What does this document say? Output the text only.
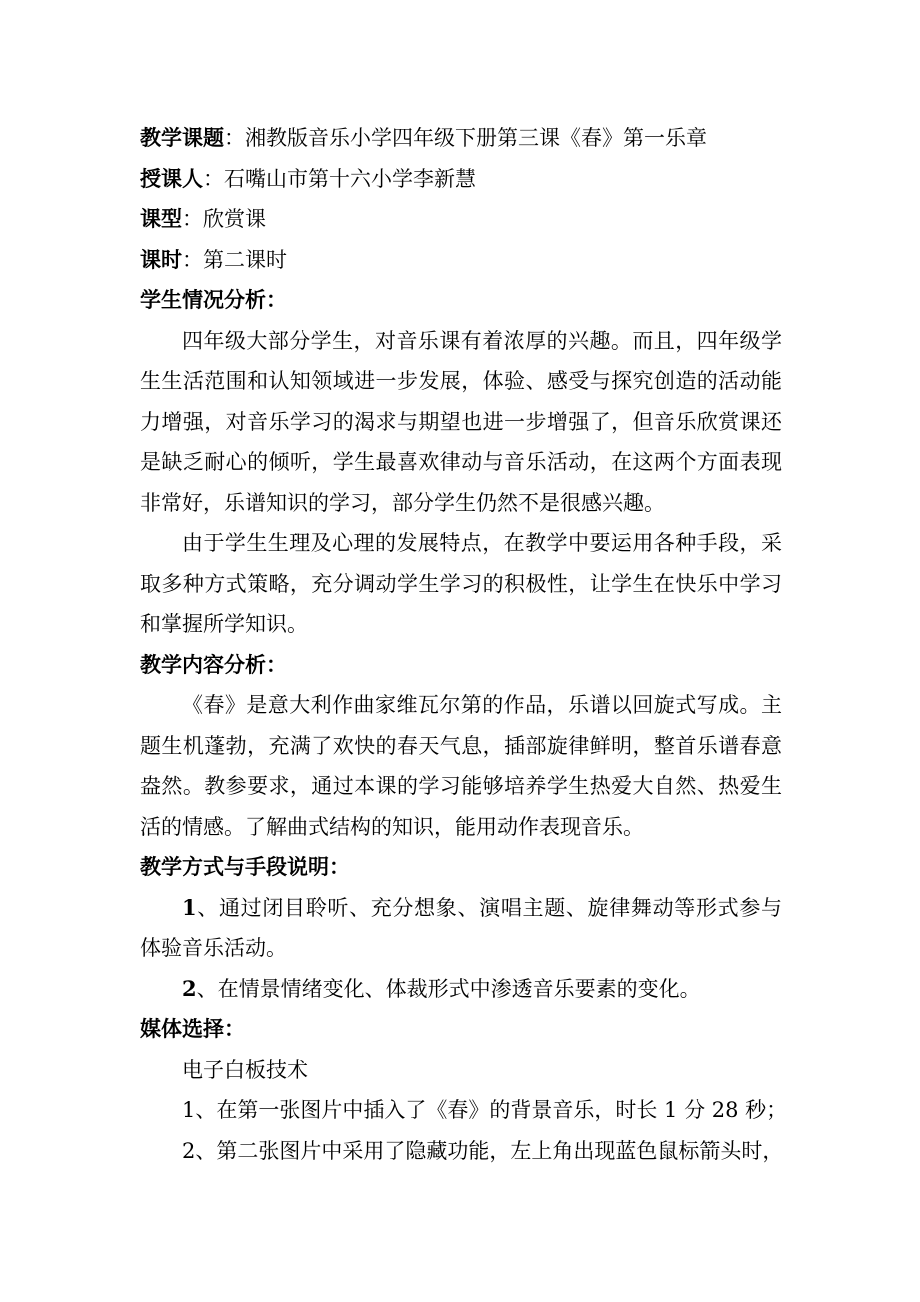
教学课题：湘教版音乐小学四年级下册第三课《春》第一乐章
授课人：石嘴山市第十六小学李新慧
课型：欣赏课
课时：第二课时
学生情况分析：
四年级大部分学生，对音乐课有着浓厚的兴趣。而且，四年级学生生活范围和认知领域进一步发展，体验、感受与探究创造的活动能力增强，对音乐学习的渴求与期望也进一步增强了，但音乐欣赏课还是缺乏耐心的倾听，学生最喜欢律动与音乐活动，在这两个方面表现非常好，乐谱知识的学习，部分学生仍然不是很感兴趣。
由于学生生理及心理的发展特点，在教学中要运用各种手段，采取多种方式策略，充分调动学生学习的积极性，让学生在快乐中学习和掌握所学知识。
教学内容分析：
《春》是意大利作曲家维瓦尔第的作品，乐谱以回旋式写成。主题生机蓬勃，充满了欢快的春天气息，插部旋律鲜明，整首乐谱春意盎然。教参要求，通过本课的学习能够培养学生热爱大自然、热爱生活的情感。了解曲式结构的知识，能用动作表现音乐。
教学方式与手段说明：
1、通过闭目聆听、充分想象、演唱主题、旋律舞动等形式参与体验音乐活动。
2、在情景情绪变化、体裁形式中渗透音乐要素的变化。
媒体选择：
电子白板技术
1、在第一张图片中插入了《春》的背景音乐，时长 1 分 28 秒；
2、第二张图片中采用了隐藏功能，左上角出现蓝色鼠标箭头时，
